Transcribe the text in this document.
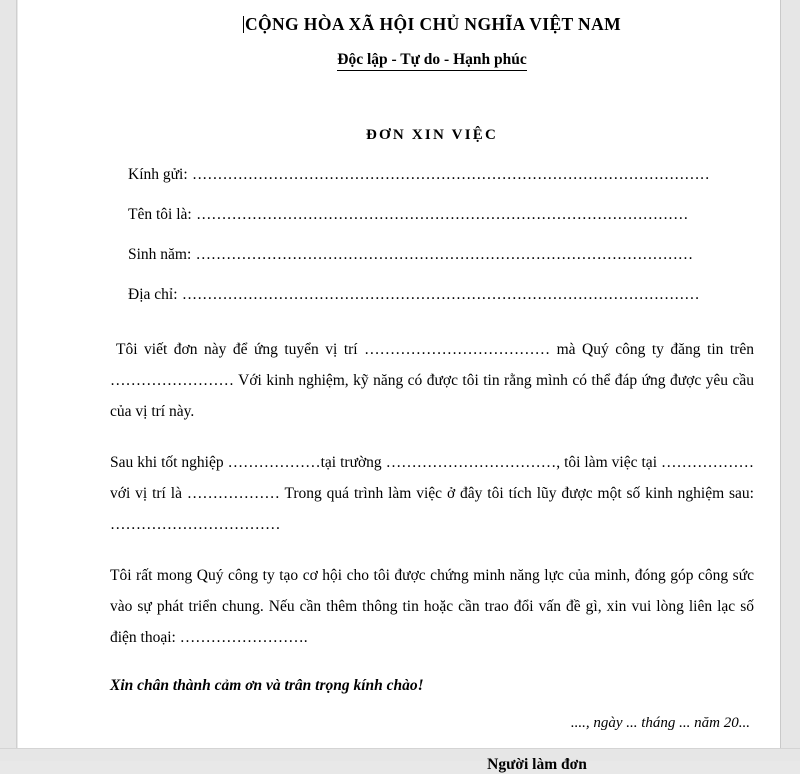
CỘNG HÒA XÃ HỘI CHỦ NGHĨA VIỆT NAM
Độc lập - Tự do - Hạnh phúc
ĐƠN XIN VIỆC
Kính gửi: ......................................................................................................
Tên tôi là: .................................................................................................
Sinh năm: ..................................................................................................
Địa chỉ: ......................................................................................................
Tôi viết đơn này để ứng tuyển vị trí ……………………………… mà Quý công ty đăng tin trên …………………… Với kinh nghiệm, kỹ năng có được tôi tin rằng mình có thể đáp ứng được yêu cầu của vị trí này.
Sau khi tốt nghiệp ………………tại trường ……………………………, tôi làm việc tại ………………với vị trí là ……………… Trong quá trình làm việc ở đây tôi tích lũy được một số kinh nghiệm sau: ……………………………
Tôi rất mong Quý công ty tạo cơ hội cho tôi được chứng minh năng lực của minh, đóng góp công sức vào sự phát triển chung. Nếu cần thêm thông tin hoặc cần trao đổi vấn đề gì, xin vui lòng liên lạc số điện thoại: …………………….
Xin chân thành cảm ơn và trân trọng kính chào!
...., ngày ... tháng ... năm 20...
Người làm đơn
